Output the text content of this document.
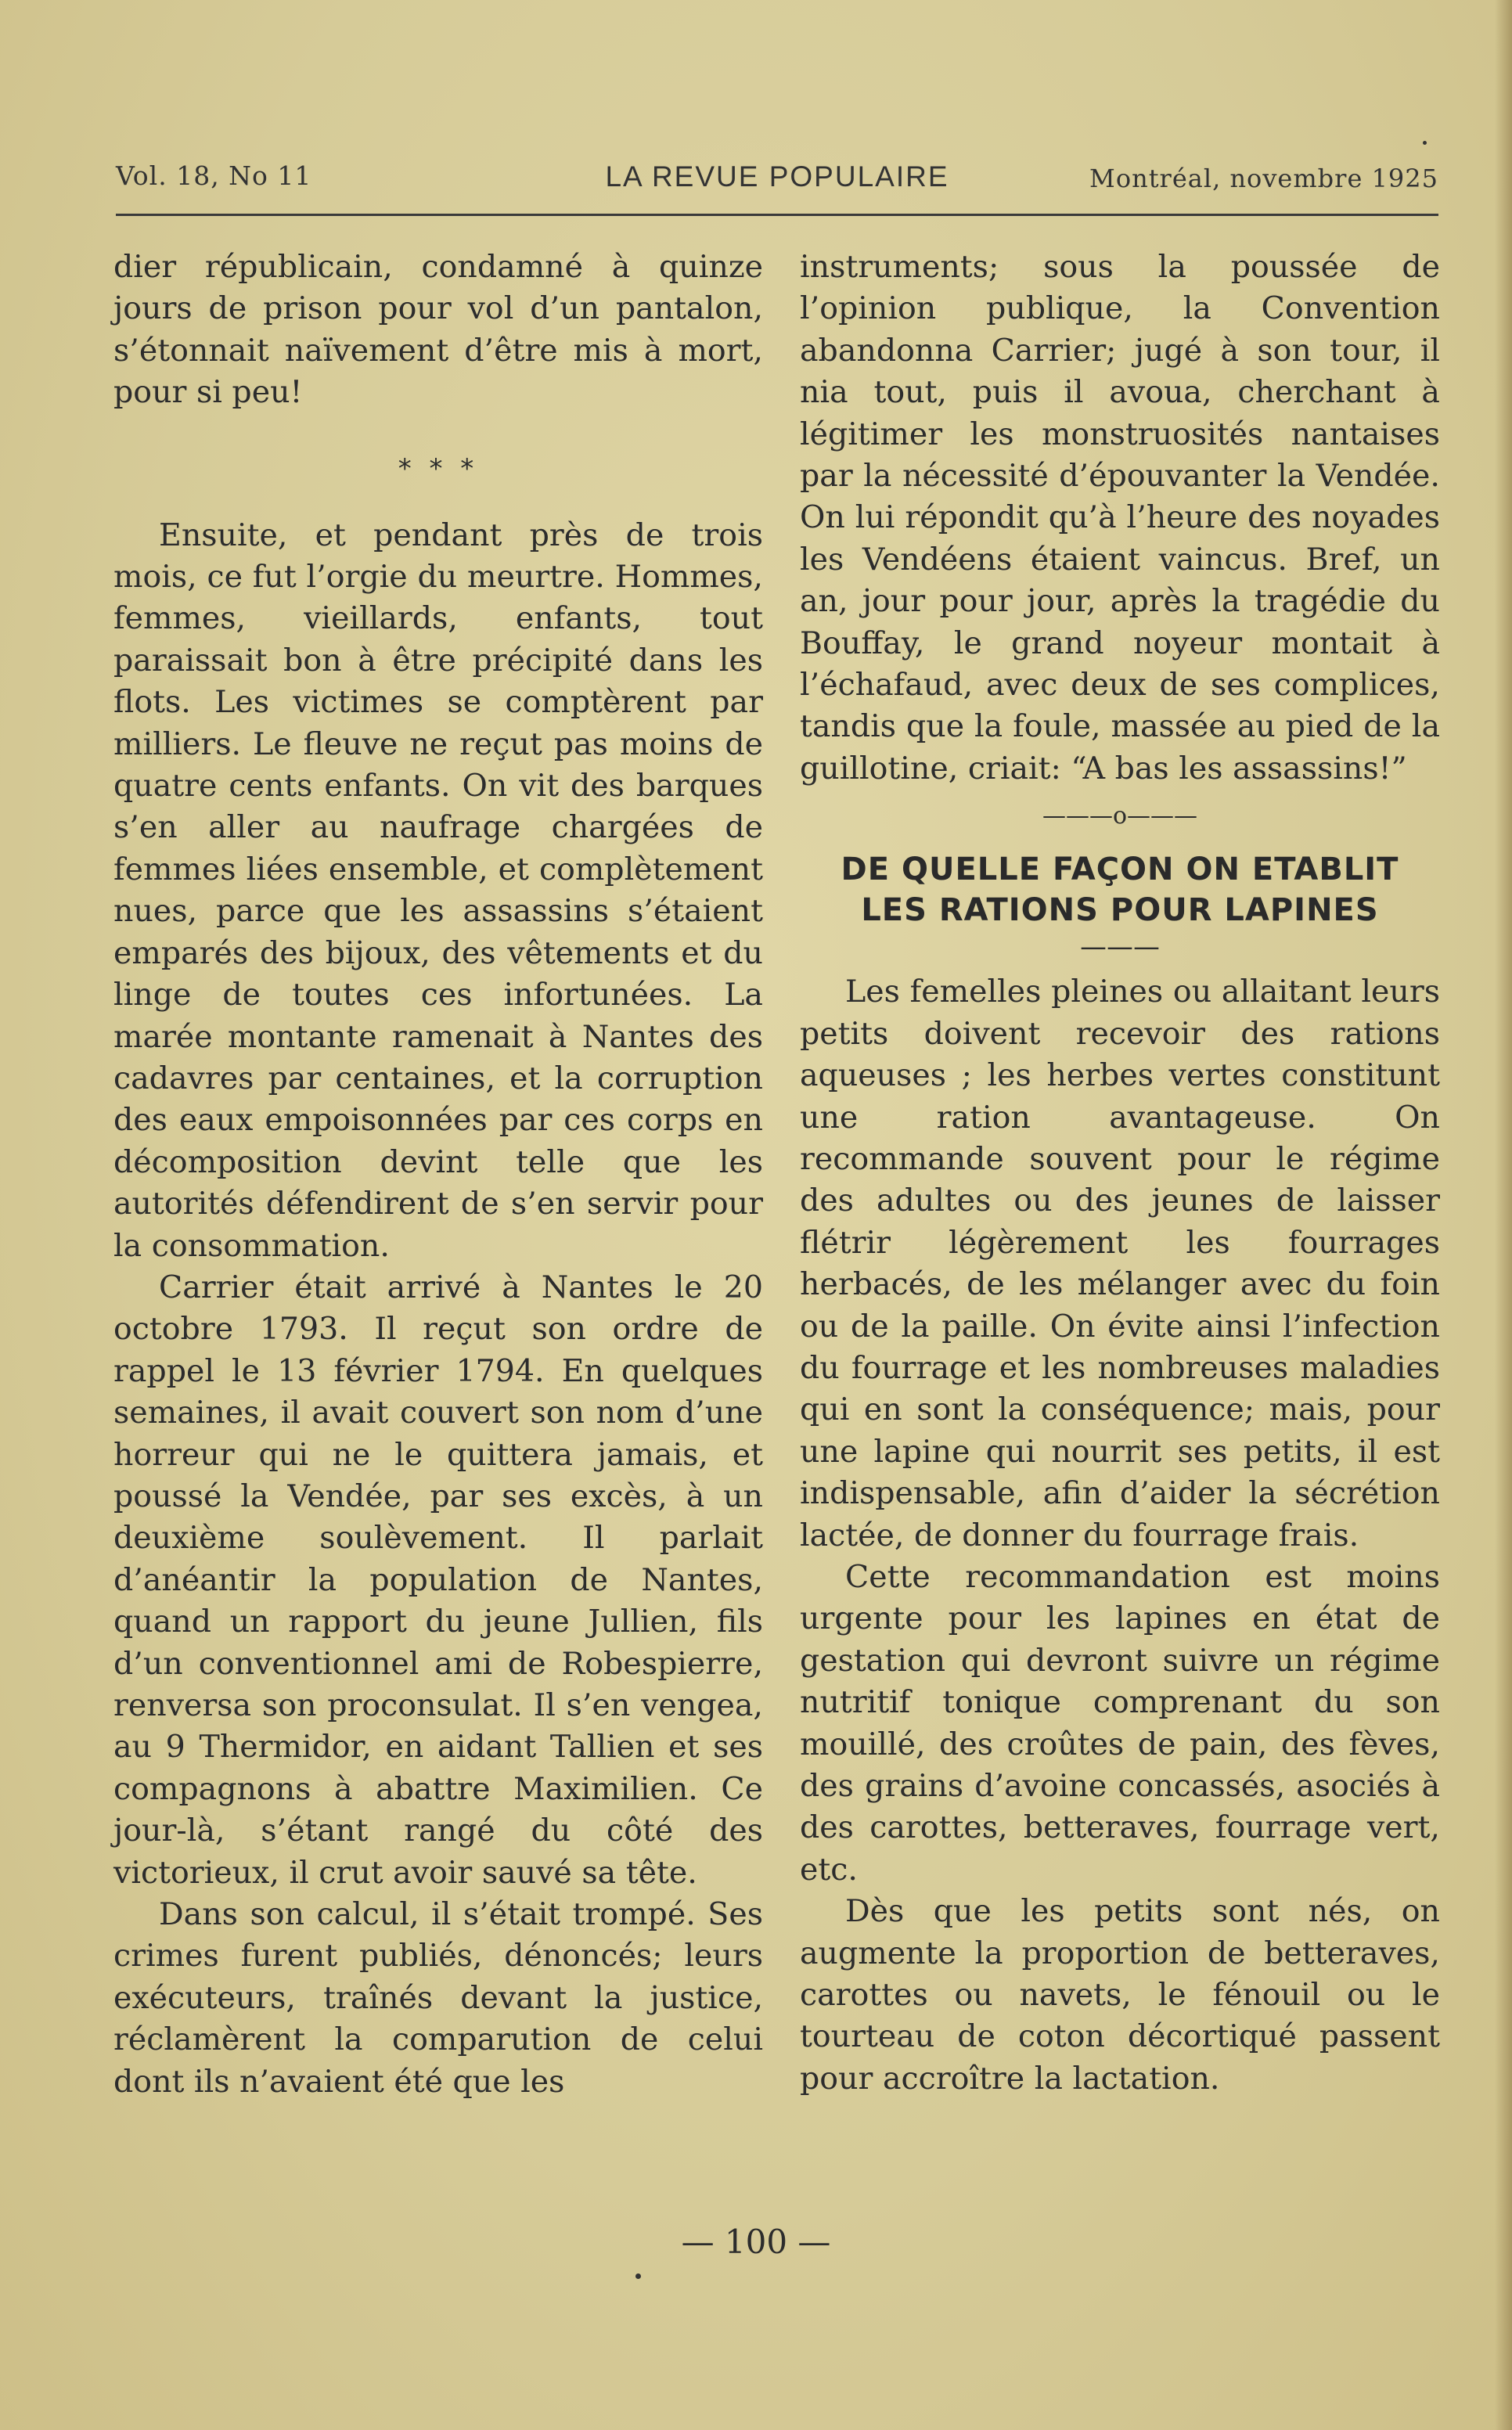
Vol. 18, No 11	LA REVUE POPULAIRE	Montréal, novembre 1925

dier républicain, condamné à quinze jours de prison pour vol d’un pantalon, s’étonnait naïvement d’être mis à mort, pour si peu!

* * *

Ensuite, et pendant près de trois mois, ce fut l’orgie du meurtre. Hommes, femmes, vieillards, enfants, tout paraissait bon à être précipité dans les flots. Les victimes se comptèrent par milliers. Le fleuve ne reçut pas moins de quatre cents enfants. On vit des barques s’en aller au naufrage chargées de femmes liées ensemble, et complètement nues, parce que les assassins s’étaient emparés des bijoux, des vêtements et du linge de toutes ces infortunées. La marée montante ramenait à Nantes des cadavres par centaines, et la corruption des eaux empoisonnées par ces corps en décomposition devint telle que les autorités défendirent de s’en servir pour la consommation.

Carrier était arrivé à Nantes le 20 octobre 1793. Il reçut son ordre de rappel le 13 février 1794. En quelques semaines, il avait couvert son nom d’une horreur qui ne le quittera jamais, et poussé la Vendée, par ses excès, à un deuxième soulèvement. Il parlait d’anéantir la population de Nantes, quand un rapport du jeune Jullien, fils d’un conventionnel ami de Robespierre, renversa son proconsulat. Il s’en vengea, au 9 Thermidor, en aidant Tallien et ses compagnons à abattre Maximilien. Ce jour-là, s’étant rangé du côté des victorieux, il crut avoir sauvé sa tête.

Dans son calcul, il s’était trompé. Ses crimes furent publiés, dénoncés; leurs exécuteurs, traînés devant la justice, réclamèrent la comparution de celui dont ils n’avaient été que les

instruments; sous la poussée de l’opinion publique, la Convention abandonna Carrier; jugé à son tour, il nia tout, puis il avoua, cherchant à légitimer les monstruosités nantaises par la nécessité d’épouvanter la Vendée. On lui répondit qu’à l’heure des noyades les Vendéens étaient vaincus. Bref, un an, jour pour jour, après la tragédie du Bouffay, le grand noyeur montait à l’échafaud, avec deux de ses complices, tandis que la foule, massée au pied de la guillotine, criait: “A bas les assassins!”

———o———
DE QUELLE FAÇON ON ETABLIT
LES RATIONS POUR LAPINES
———

Les femelles pleines ou allaitant leurs petits doivent recevoir des rations aqueuses ; les herbes vertes constitunt une ration avantageuse. On recommande souvent pour le régime des adultes ou des jeunes de laisser flétrir légèrement les fourrages herbacés, de les mélanger avec du foin ou de la paille. On évite ainsi l’infection du fourrage et les nombreuses maladies qui en sont la conséquence; mais, pour une lapine qui nourrit ses petits, il est indispensable, afin d’aider la sécrétion lactée, de donner du fourrage frais.

Cette recommandation est moins urgente pour les lapines en état de gestation qui devront suivre un régime nutritif tonique comprenant du son mouillé, des croûtes de pain, des fèves, des grains d’avoine concassés, asociés à des carottes, betteraves, fourrage vert, etc.

Dès que les petits sont nés, on augmente la proportion de betteraves, carottes ou navets, le fénouil ou le tourteau de coton décortiqué passent pour accroître la lactation.

— 100 —
